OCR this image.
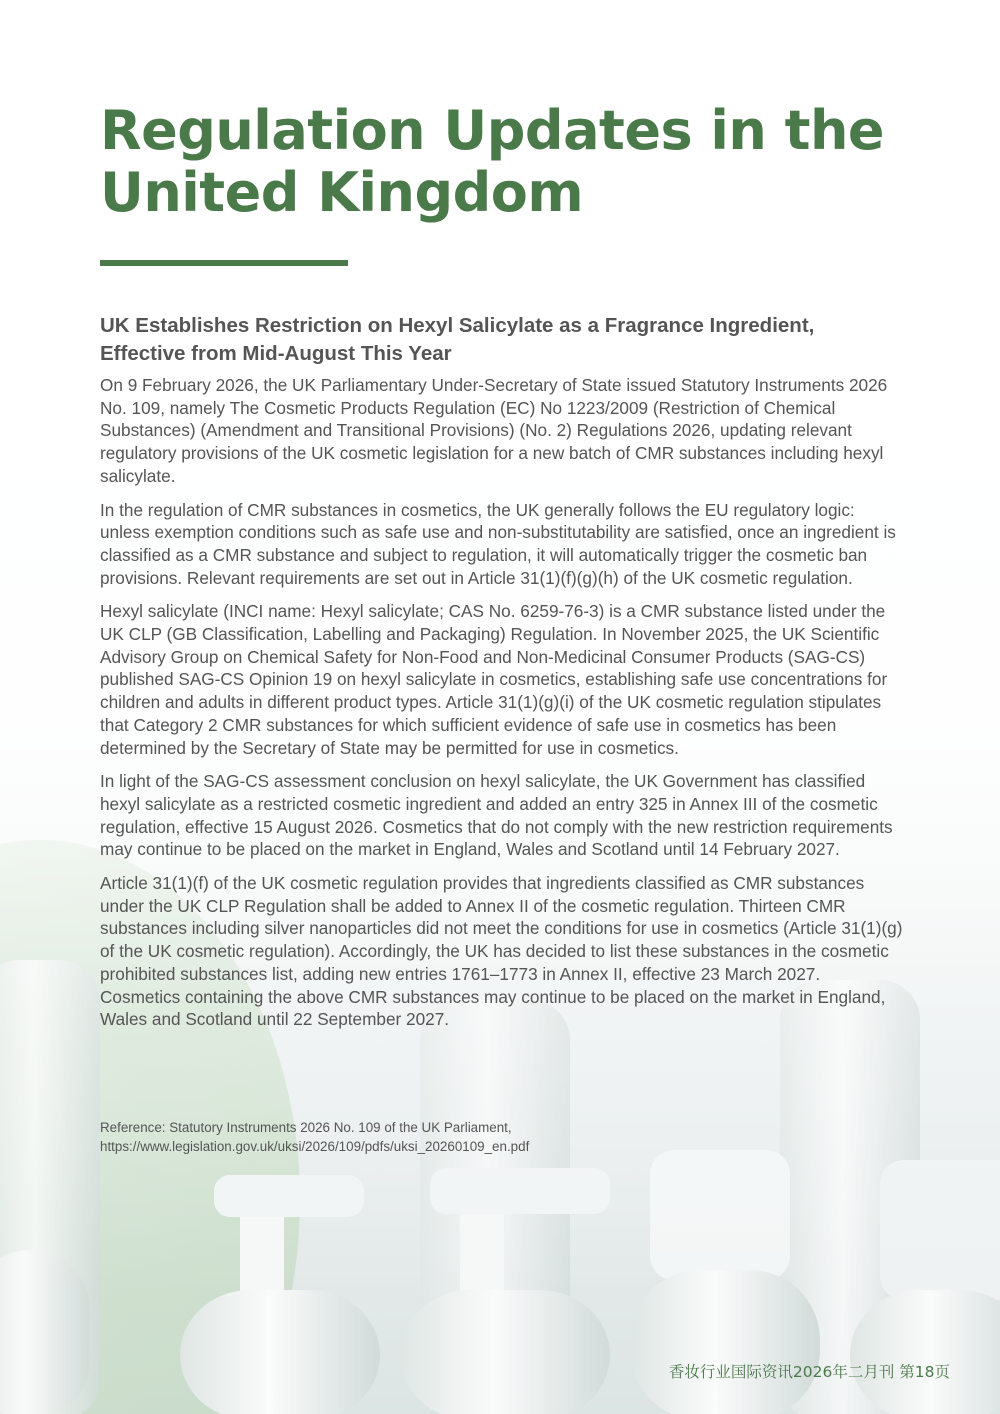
Regulation Updates in the
United Kingdom
UK Establishes Restriction on Hexyl Salicylate as a Fragrance Ingredient, Effective from Mid-August This Year

On 9 February 2026, the UK Parliamentary Under-Secretary of State issued Statutory Instruments 2026 No. 109, namely The Cosmetic Products Regulation (EC) No 1223/2009 (Restriction of Chemical Substances) (Amendment and Transitional Provisions) (No. 2) Regulations 2026, updating relevant regulatory provisions of the UK cosmetic legislation for a new batch of CMR substances including hexyl salicylate.

In the regulation of CMR substances in cosmetics, the UK generally follows the EU regulatory logic: unless exemption conditions such as safe use and non-substitutability are satisfied, once an ingredient is classified as a CMR substance and subject to regulation, it will automatically trigger the cosmetic ban provisions. Relevant requirements are set out in Article 31(1)(f)(g)(h) of the UK cosmetic regulation.

Hexyl salicylate (INCI name: Hexyl salicylate; CAS No. 6259-76-3) is a CMR substance listed under the UK CLP (GB Classification, Labelling and Packaging) Regulation. In November 2025, the UK Scientific Advisory Group on Chemical Safety for Non-Food and Non-Medicinal Consumer Products (SAG-CS) published SAG-CS Opinion 19 on hexyl salicylate in cosmetics, establishing safe use concentrations for children and adults in different product types. Article 31(1)(g)(i) of the UK cosmetic regulation stipulates that Category 2 CMR substances for which sufficient evidence of safe use in cosmetics has been determined by the Secretary of State may be permitted for use in cosmetics.

In light of the SAG-CS assessment conclusion on hexyl salicylate, the UK Government has classified hexyl salicylate as a restricted cosmetic ingredient and added an entry 325 in Annex III of the cosmetic regulation, effective 15 August 2026. Cosmetics that do not comply with the new restriction requirements may continue to be placed on the market in England, Wales and Scotland until 14 February 2027.

Article 31(1)(f) of the UK cosmetic regulation provides that ingredients classified as CMR substances under the UK CLP Regulation shall be added to Annex II of the cosmetic regulation. Thirteen CMR substances including silver nanoparticles did not meet the conditions for use in cosmetics (Article 31(1)(g) of the UK cosmetic regulation). Accordingly, the UK has decided to list these substances in the cosmetic prohibited substances list, adding new entries 1761–1773 in Annex II, effective 23 March 2027. Cosmetics containing the above CMR substances may continue to be placed on the market in England, Wales and Scotland until 22 September 2027.

Reference: Statutory Instruments 2026 No. 109 of the UK Parliament,
https://www.legislation.gov.uk/uksi/2026/109/pdfs/uksi_20260109_en.pdf
香妆行业国际资讯2026年二月刊 第18页
